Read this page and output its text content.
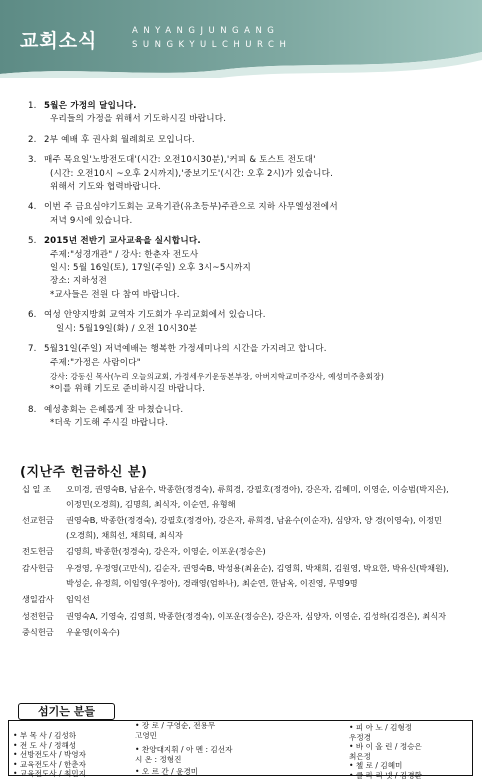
교회소식	ANYANGJUNGANG
SUNGKYULCHURCH
1. 5월은 가정의 달입니다.
우리들의 가정을 위해서 기도하시길 바랍니다.
2. 2부 예배 후 권사회 월례회로 모입니다.
3. 매주 목요일'노방전도대'(시간: 오전10시30분),'커피 & 토스트 전도대'
(시간: 오전10시 ~오후 2시까지),'중보기도'(시간: 오후 2시)가 있습니다.
위해서 기도와 협력바랍니다.
4. 이번 주 금요심야기도회는 교육기관(유초등부)주관으로 지하 사무엘성전에서
저녁 9시에 있습니다.
5. 2015년 전반기 교사교육을 실시합니다.
주제:"성경개관" / 강사: 한춘자 전도사
일시: 5월 16일(토), 17일(주일) 오후 3시~5시까지
장소: 지하성전
*교사들은 전원 다 참여 바랍니다.
6. 여성 안양지방회 교역자 기도회가 우리교회에서 있습니다.
일시: 5월19일(화) / 오전 10시30분
7. 5월31일(주일) 저녁예배는 행복한 가정세미나의 시간을 가지려고 합니다.
주제:"가정은 사람이다"
강사: 강동신 목사(누리 오늘의교회, 가정세우기운동본부장, 아버지학교미주강사, 예성미주총회장)
*이를 위해 기도로 준비하시길 바랍니다.
8. 예성총회는 은혜롭게 잘 마쳤습니다.
*더욱 기도해 주시길 바랍니다.
(지난주 헌금하신 분)
십 일 조	오미경, 권영숙B, 남윤수, 박종한(정경숙), 류희경, 강필호(정경아), 강은자, 김혜미, 이영순, 이승범(박지은),
이정민(오경희), 김명희, 최식자, 이순연, 유형해
선교헌금	권영숙B, 박종한(정경숙), 강필호(정경아), 강은자, 류희경, 남윤수(이순자), 심양자, 양 경(이영숙), 이정민
(오경희), 채희선, 채희태, 최식자
전도헌금	김영희, 박종한(정경숙), 강은자, 이영순, 이포운(정승은)
감사헌금	우경영, 우정영(고만식), 김순자, 권영숙B, 박성용(최윤순), 김영희, 박채희, 김원영, 박요한, 박유신(박채원),
박성순, 유정희, 이임영(우정아), 경래영(엄하나), 최순연, 한남옥, 이진영, 무명9명
생일감사	임익선
성전헌금	권영숙A, 기영숙, 김영희, 박종한(정경숙), 이포운(정승은), 강은자, 심양자, 이영순, 김성하(김경은), 최식자
중식헌금	우윤영(이욱수)
섬기는 분들
• 부 목 사 / 김성하
• 전 도 사 / 정해성
• 선방전도사 / 박영자
• 교육전도사 / 한춘자
• 교육전도사 / 최민지
• 장 로 / 구영순, 전용무
고영민
• 찬양대지휘 / 아 멘 : 김선자
시 온 : 정형진
• 오 르 간 / 윤경미
• 피 아 노 / 김형정
우정경
• 바 이 올 린 / 정승은
최은정
• 첼 로 / 김혜미
• 클 라 리 넷 / 김경환
